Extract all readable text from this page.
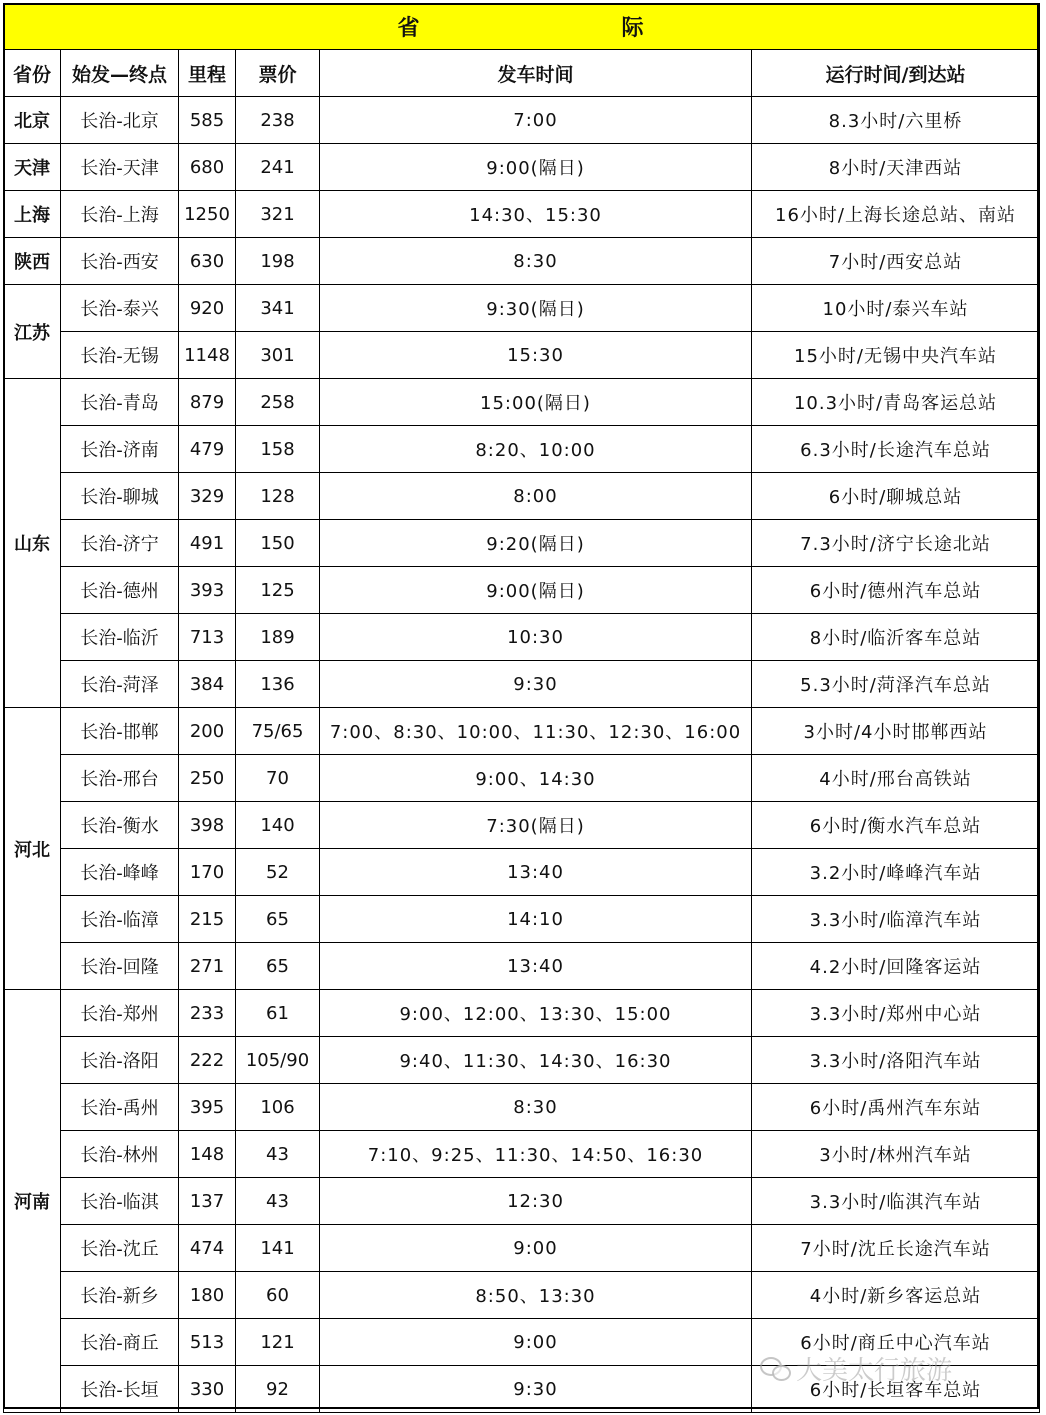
省 际					
省份	始发—终点	里程	票价	发车时间	运行时间/到达站
北京	长治-北京	585	238	7:00	8.3小时/六里桥
天津	长治-天津	680	241	9:00(隔日)	8小时/天津西站
上海	长治-上海	1250	321	14:30、15:30	16小时/上海长途总站、南站
陕西	长治-西安	630	198	8:30	7小时/西安总站
江苏	长治-泰兴	920	341	9:30(隔日)	10小时/泰兴车站
	长治-无锡	1148	301	15:30	15小时/无锡中央汽车站
山东	长治-青岛	879	258	15:00(隔日)	10.3小时/青岛客运总站
	长治-济南	479	158	8:20、10:00	6.3小时/长途汽车总站
	长治-聊城	329	128	8:00	6小时/聊城总站
	长治-济宁	491	150	9:20(隔日)	7.3小时/济宁长途北站
	长治-德州	393	125	9:00(隔日)	6小时/德州汽车总站
	长治-临沂	713	189	10:30	8小时/临沂客车总站
	长治-菏泽	384	136	9:30	5.3小时/菏泽汽车总站
河北	长治-邯郸	200	75/65	7:00、8:30、10:00、11:30、12:30、16:00	3小时/4小时邯郸西站
	长治-邢台	250	70	9:00、14:30	4小时/邢台高铁站
	长治-衡水	398	140	7:30(隔日)	6小时/衡水汽车总站
	长治-峰峰	170	52	13:40	3.2小时/峰峰汽车站
	长治-临漳	215	65	14:10	3.3小时/临漳汽车站
	长治-回隆	271	65	13:40	4.2小时/回隆客运站
河南	长治-郑州	233	61	9:00、12:00、13:30、15:00	3.3小时/郑州中心站
	长治-洛阳	222	105/90	9:40、11:30、14:30、16:30	3.3小时/洛阳汽车站
	长治-禹州	395	106	8:30	6小时/禹州汽车东站
	长治-林州	148	43	7:10、9:25、11:30、14:50、16:30	3小时/林州汽车站
	长治-临淇	137	43	12:30	3.3小时/临淇汽车站
	长治-沈丘	474	141	9:00	7小时/沈丘长途汽车站
	长治-新乡	180	60	8:50、13:30	4小时/新乡客运总站
	长治-商丘	513	121	9:00	6小时/商丘中心汽车站
	长治-长垣	330	92	9:30	6小时/长垣客车总站
大美太行旅游
